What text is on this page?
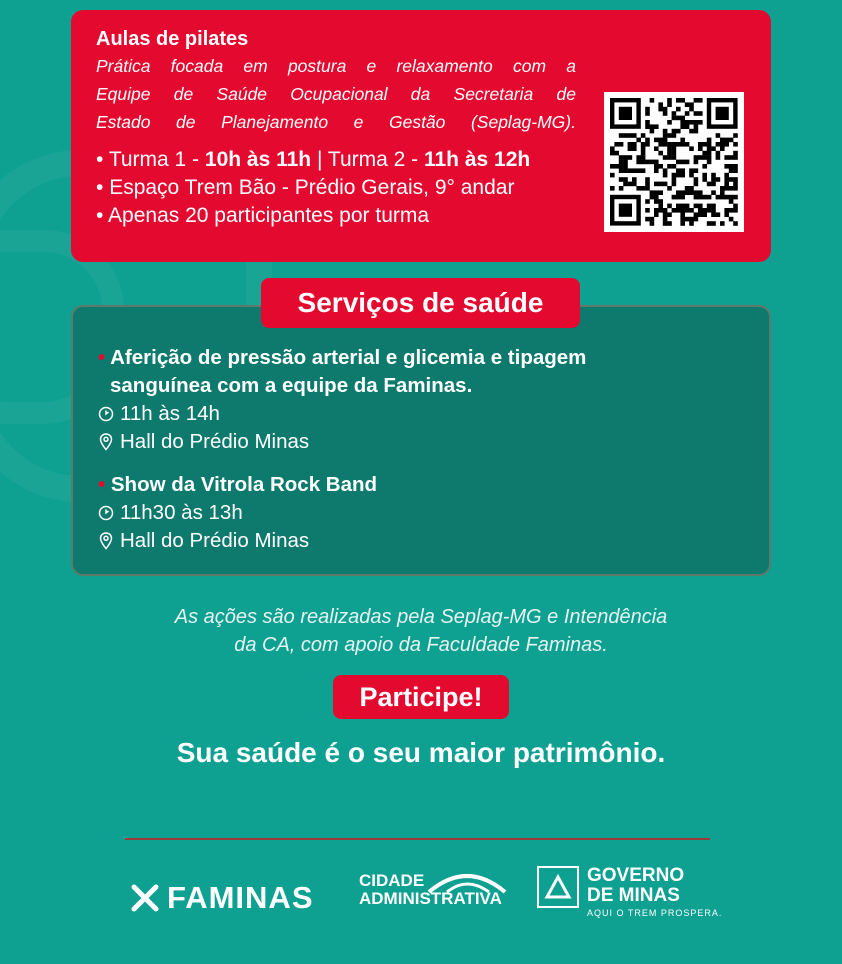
Aulas de pilates
Prática focada em postura e relaxamento com a
Equipe de Saúde Ocupacional da Secretaria de
Estado de Planejamento e Gestão (Seplag-MG).
• Turma 1 - 10h às 11h | Turma 2 - 11h às 12h
• Espaço Trem Bão - Prédio Gerais, 9° andar
• Apenas 20 participantes por turma
• Aferição de pressão arterial e glicemia e tipagem
sanguínea com a equipe da Faminas.
11h às 14h
Hall do Prédio Minas
• Show da Vitrola Rock Band
11h30 às 13h
Hall do Prédio Minas
Serviços de saúde
As ações são realizadas pela Seplag-MG e Intendência
da CA, com apoio da Faculdade Faminas.
Participe!
Sua saúde é o seu maior patrimônio.
FAMINAS	CIDADE
ADMINISTRATIVA
GOVERNO
DE MINAS
AQUI O TREM PROSPERA.
